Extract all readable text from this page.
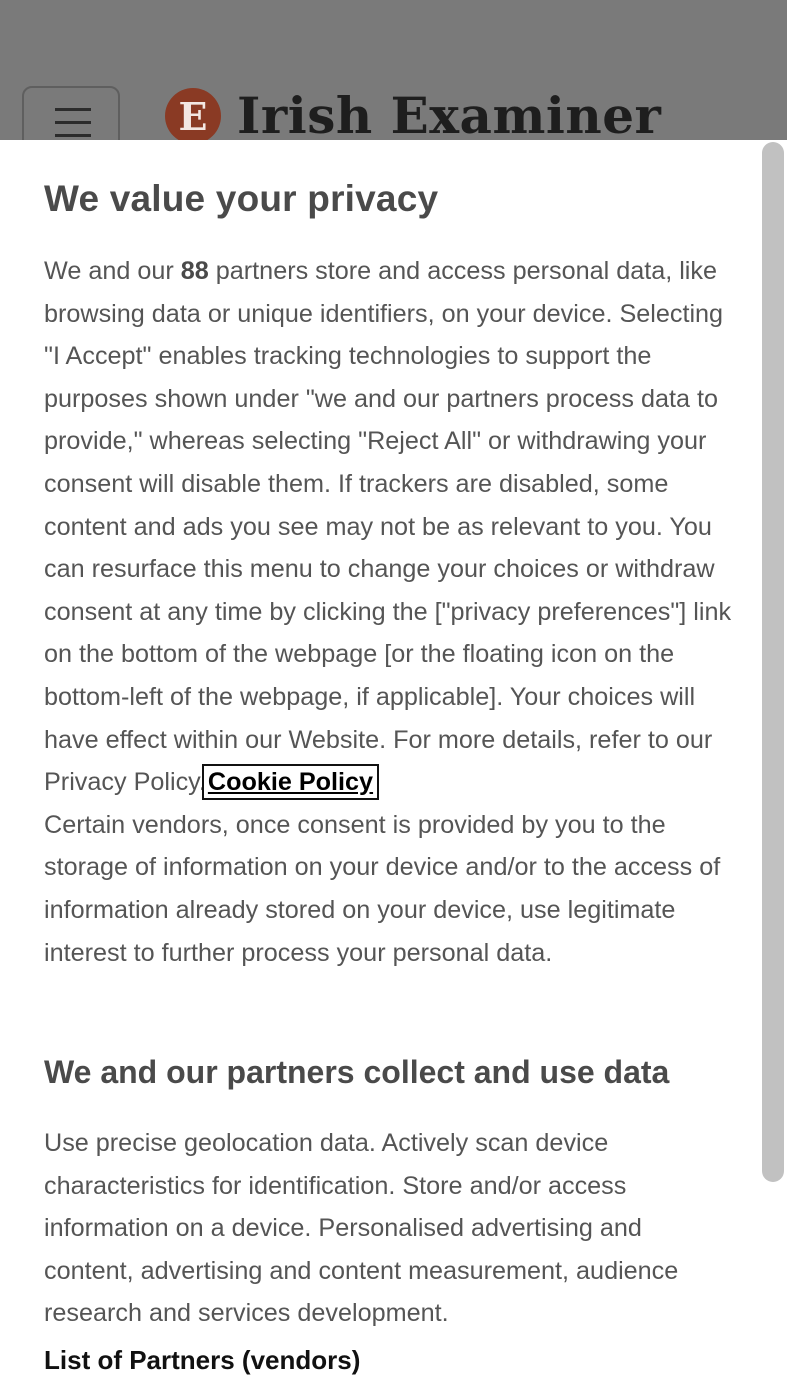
E Irish Examiner
We value your privacy

We and our 88 partners store and access personal data, like browsing data or unique identifiers, on your device. Selecting "I Accept" enables tracking technologies to support the purposes shown under "we and our partners process data to provide," whereas selecting "Reject All" or withdrawing your consent will disable them. If trackers are disabled, some content and ads you see may not be as relevant to you. You can resurface this menu to change your choices or withdraw consent at any time by clicking the ["privacy preferences"] link on the bottom of the webpage [or the floating icon on the bottom-left of the webpage, if applicable]. Your choices will have effect within our Website. For more details, refer to our Privacy Policy.Cookie Policy

Certain vendors, once consent is provided by you to the storage of information on your device and/or to the access of information already stored on your device, use legitimate interest to further process your personal data.

We and our partners collect and use data

Use precise geolocation data. Actively scan device characteristics for identification. Store and/or access information on a device. Personalised advertising and content, advertising and content measurement, audience research and services development.

List of Partners (vendors)
